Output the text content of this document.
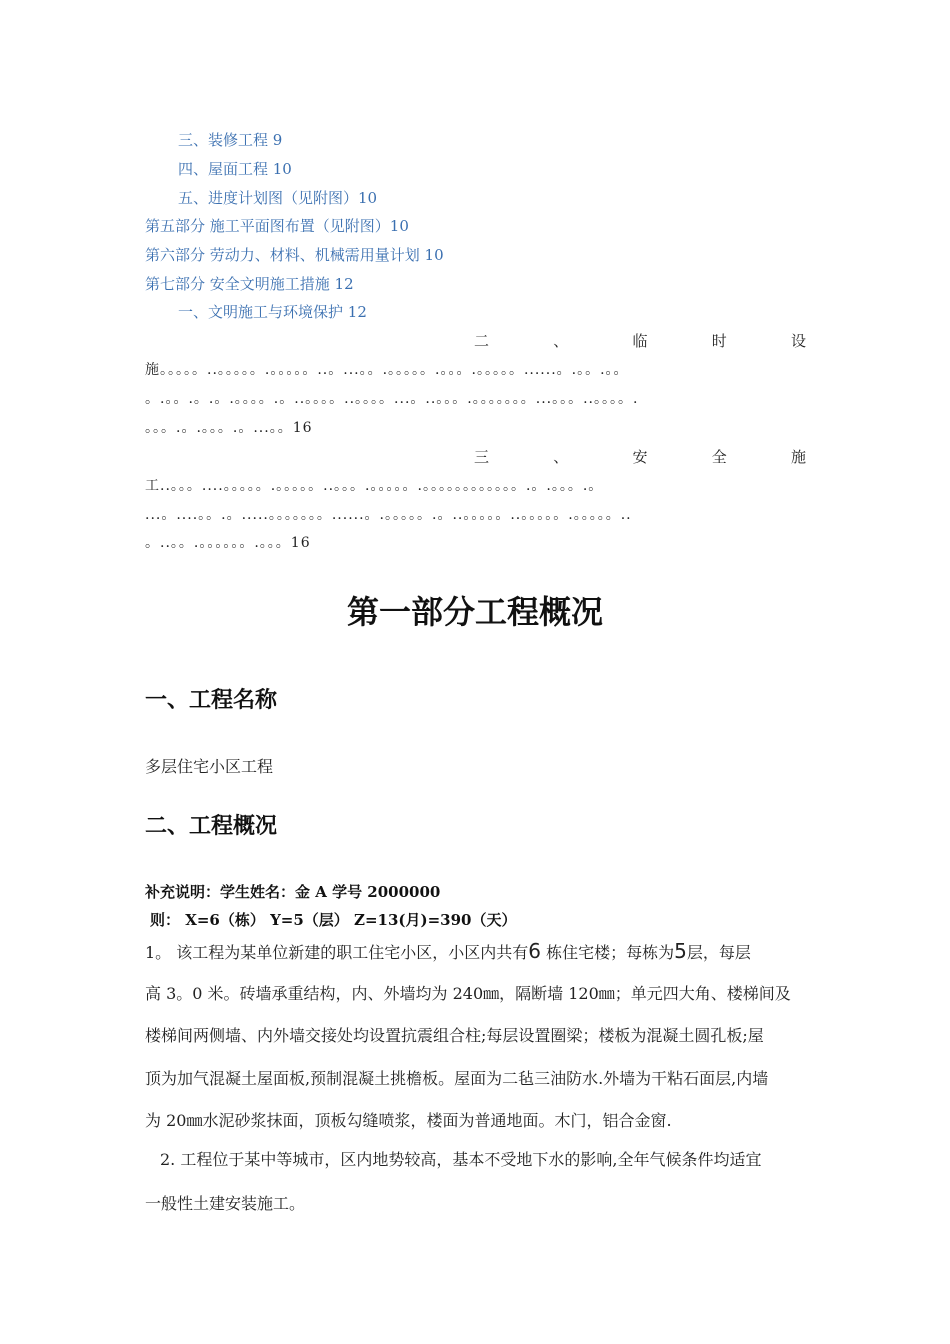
三、装修工程 9
四、屋面工程 10
五、进度计划图（见附图）10
第五部分 施工平面图布置（见附图）10
第六部分 劳动力、材料、机械需用量计划 10
第七部分 安全文明施工措施 12
一、文明施工与环境保护 12
二	、	临	时	设
施。。。。。..。。。。。.。。。。。..。...。。.。。。。。.。。。.。。。。。......。.。。.。。
。.。。.。.。.。。。。.。..。。。。..。。。。...。..。。。.。。。。。。。...。。。..。。。。.
。。。.。.。。。.。...。。16
三	、	安	全	施
工..。。。....。。。。。.。。。。。..。。。.。。。。。.。。。。。。。。。。。。.。.。。。.。
...。....。。.。.....。。。。。。。......。.。。。。。.。..。。。。。..。。。。。.。。。。。..
。..。。.。。。。。。.。。。16
第一部分工程概况
一、工程名称
多层住宅小区工程
二、工程概况
补充说明：学生姓名：金 A 学号 2000000
则： X=6（栋） Y=5（层） Z=13(月)=390（天）
1。 该工程为某单位新建的职工住宅小区，小区内共有6 栋住宅楼；每栋为5层，每层
高 3。0 米。砖墙承重结构，内、外墙均为 240㎜，隔断墙 120㎜；单元四大角、楼梯间及
楼梯间两侧墙、内外墙交接处均设置抗震组合柱;每层设置圈梁；楼板为混凝土圆孔板;屋
顶为加气混凝土屋面板,预制混凝土挑檐板。屋面为二毡三油防水.外墙为干粘石面层,内墙
为 20㎜水泥砂浆抹面，顶板勾缝喷浆，楼面为普通地面。木门，铝合金窗.
2. 工程位于某中等城市，区内地势较高，基本不受地下水的影响,全年气候条件均适宜
一般性土建安装施工。
